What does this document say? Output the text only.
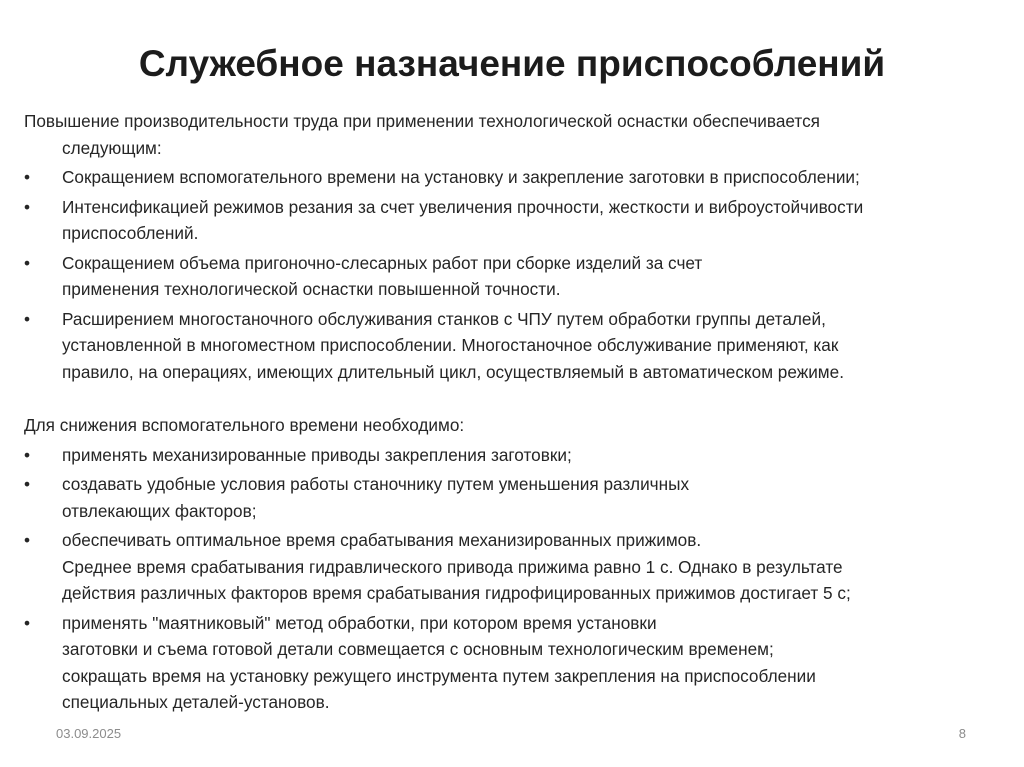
Служебное назначение приспособлений

Повышение производительности труда при применении технологической оснастки обеспечивается
следующим:

•	Сокращением вспомогательного времени на установку и закрепление заготовки в приспособлении;
•	Интенсификацией режимов резания за счет увеличения прочности, жесткости и виброустойчивости
приспособлений.
•	Сокращением объема пригоночно-слесарных работ при сборке изделий за счет
применения технологической оснастки повышенной точности.
•	Расширением многостаночного обслуживания станков с ЧПУ путем обработки группы деталей,
установленной в многоместном приспособлении. Многостаночное обслуживание применяют, как
правило, на операциях, имеющих длительный цикл, осуществляемый в автоматическом режиме.

Для снижения вспомогательного времени необходимо:

•	применять механизированные приводы закрепления заготовки;
•	создавать удобные условия работы станочнику путем уменьшения различных
отвлекающих факторов;
•	обеспечивать оптимальное время срабатывания механизированных прижимов.
Среднее время срабатывания гидравлического привода прижима равно 1 с. Однако в результате
действия различных факторов время срабатывания гидрофицированных прижимов достигает 5 с;
•	применять "маятниковый" метод обработки, при котором время установки
заготовки и съема готовой детали совмещается с основным технологическим временем;
сокращать время на установку режущего инструмента путем закрепления на приспособлении
специальных деталей-установов.
03.09.2025	8
